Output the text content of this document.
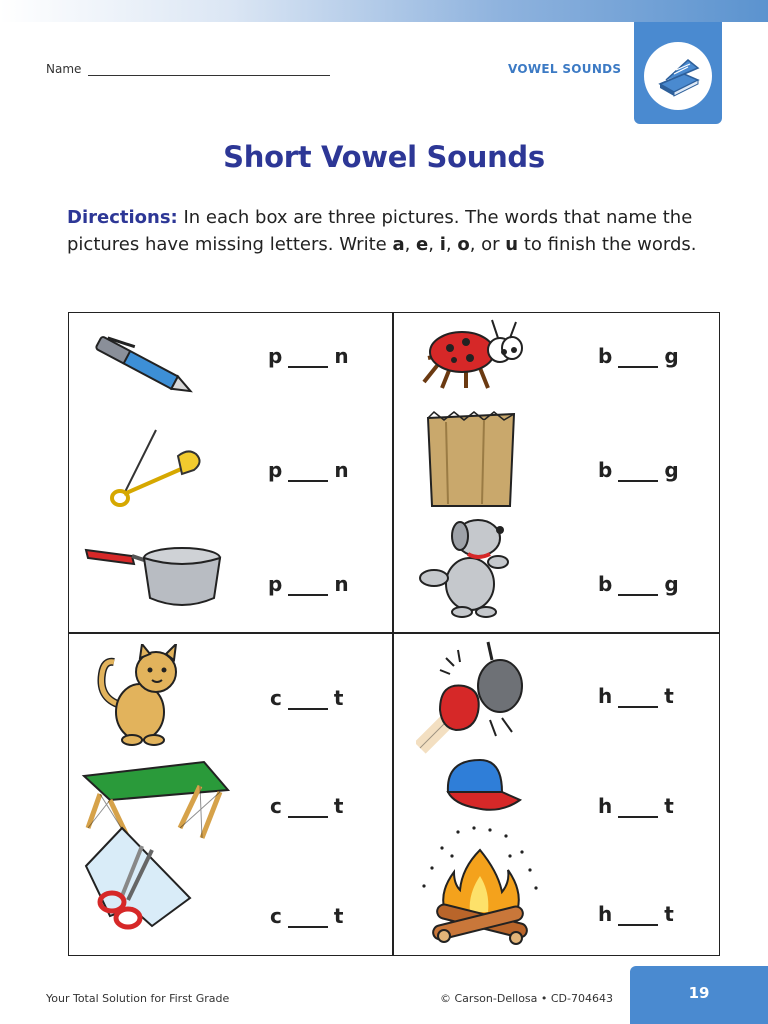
Name	VOWEL SOUNDS
Short Vowel Sounds
Directions: In each box are three pictures. The words that name the pictures have missing letters. Write a, e, i, o, or u to finish the words.
p	n
p	n
p	n
b	g
b	g
b	g
c	t
c	t
c	t
h	t
h	t
h	t
Your Total Solution for First Grade	© Carson-Dellosa • CD-704643	19
